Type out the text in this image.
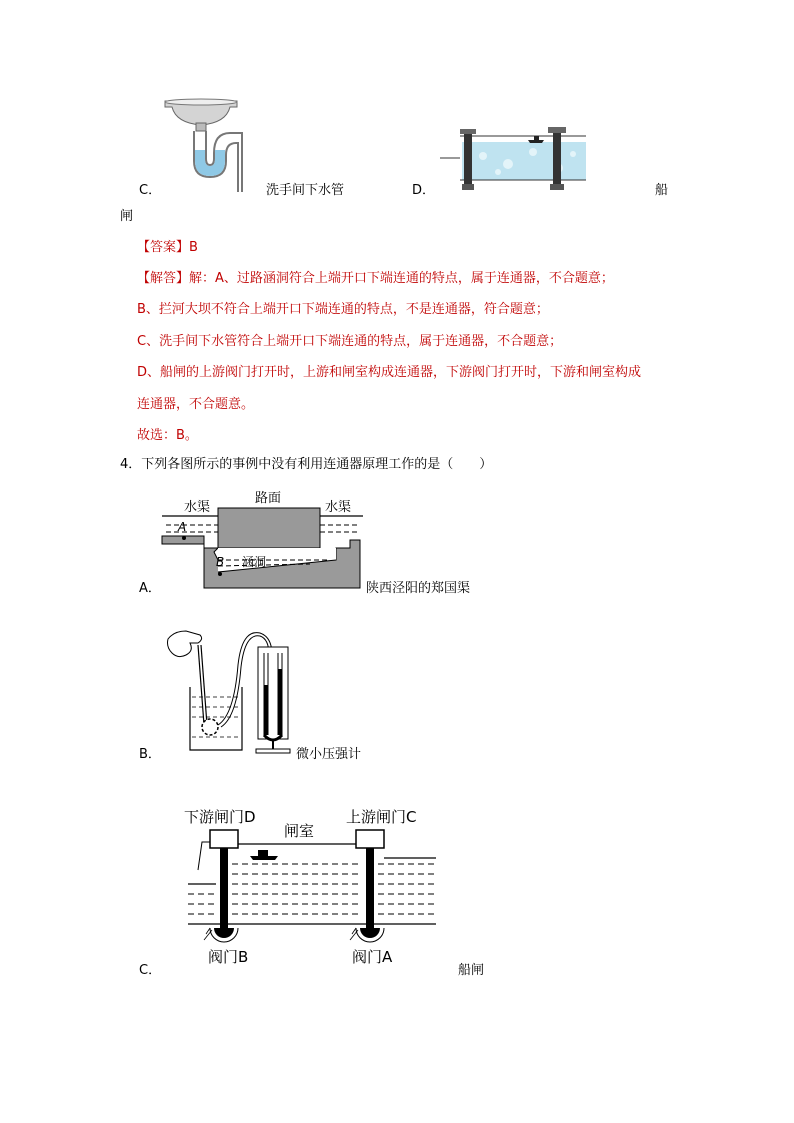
C．	洗手间下水管	D．	船
闸
【答案】B
【解答】解：A、过路涵洞符合上端开口下端连通的特点，属于连通器，不合题意；
B、拦河大坝不符合上端开口下端连通的特点，不是连通器，符合题意；
C、洗手间下水管符合上端开口下端连通的特点，属于连通器，不合题意；
D、船闸的上游阀门打开时，上游和闸室构成连通器，下游阀门打开时，下游和闸室构成
连通器，不合题意。
故选：B。
4．下列各图所示的事例中没有利用连通器原理工作的是（　　）
水渠
路面
水渠
A
B 涵洞
A．	陕西泾阳的郑国渠
B．	微小压强计
下游闸门D
闸室
上游闸门C
阀门B	阀门A
C．	船闸
